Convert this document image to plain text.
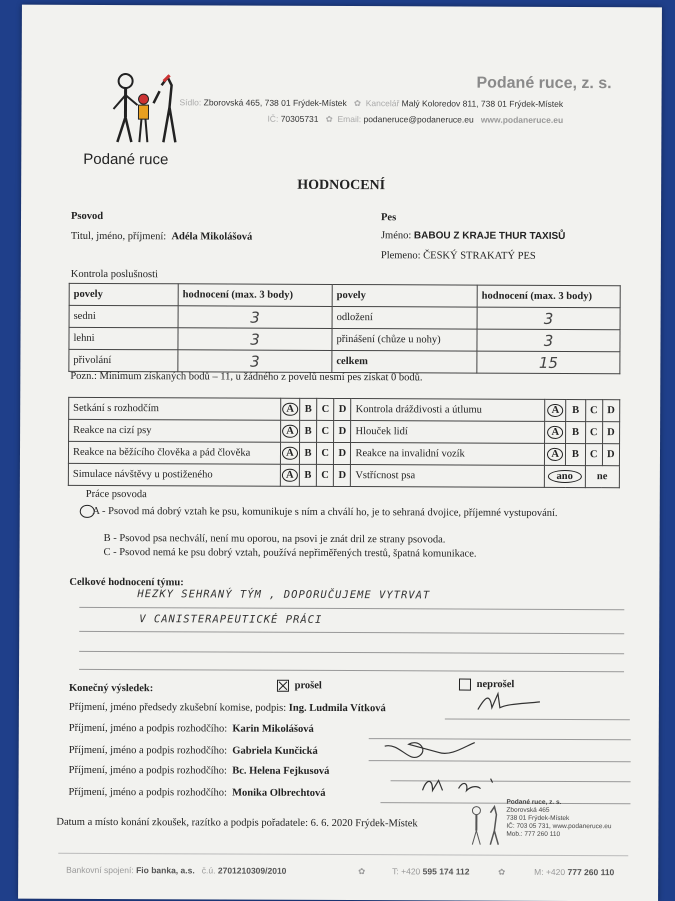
Podané ruce
Podané ruce, z. s.
Sídlo: Zborovská 465, 738 01 Frýdek-Místek ✿ Kancelář Malý Koloredov 811, 738 01 Frýdek-Místek
IČ: 70305731 ✿ Email: podaneruce@podaneruce.eu www.podaneruce.eu
HODNOCENÍ
Psovod
Titul, jméno, příjmení: Adéla Mikolášová
Pes
Jméno: BABOU Z KRAJE THUR TAXISŮ
Plemeno: ČESKÝ STRAKATÝ PES
Kontrola poslušnosti
povely	hodnocení (max. 3 body)	povely	hodnocení (max. 3 body)
sedni	3	odložení	3
lehni	3	přinášení (chůze u nohy)	3
přivolání	3	celkem	15
Pozn.: Minimum získaných bodů – 11, u žádného z povelů nesmí pes získat 0 bodů.
Setkání s rozhodčím	A	B	C	D	Kontrola dráždivosti a útlumu	A	B	C	D
Reakce na cizí psy	A	B	C	D	Hlouček lidí	A	B	C	D
Reakce na běžícího člověka a pád člověka	A	B	C	D	Reakce na invalidní vozík	A	B	C	D
Simulace návštěvy u postiženého	A	B	C	D	Vstřícnost psa	ano		ne	
Práce psovoda
A - Psovod má dobrý vztah ke psu, komunikuje s ním a chválí ho, je to sehraná dvojice, příjemné vystupování.
B - Psovod psa nechválí, není mu oporou, na psovi je znát dril ze strany psovoda.
C - Psovod nemá ke psu dobrý vztah, používá nepřiměřených trestů, špatná komunikace.
Celkové hodnocení týmu:
HEZKY SEHRANÝ TÝM , DOPORUČUJEME VYTRVAT
V CANISTERAPEUTICKÉ PRÁCI
Konečný výsledek:	prošel	neprošel
Příjmení, jméno předsedy zkušební komise, podpis: Ing. Ludmila Vítková
Příjmení, jméno a podpis rozhodčího: Karin Mikolášová
Příjmení, jméno a podpis rozhodčího: Gabriela Kunčická
Příjmení, jméno a podpis rozhodčího: Bc. Helena Fejkusová
Příjmení, jméno a podpis rozhodčího: Monika Olbrechtová
Datum a místo konání zkoušek, razítko a podpis pořadatele: 6. 6. 2020 Frýdek-Místek
Podané ruce, z. s.
Zborovská 465
738 01 Frýdek-Místek
IČ: 703 05 731, www.podaneruce.eu
Mob.: 777 260 110
Bankovní spojení: Fio banka, a.s. č.ú. 2701210309/2010	✿	T: +420 595 174 112	✿	M: +420 777 260 110
